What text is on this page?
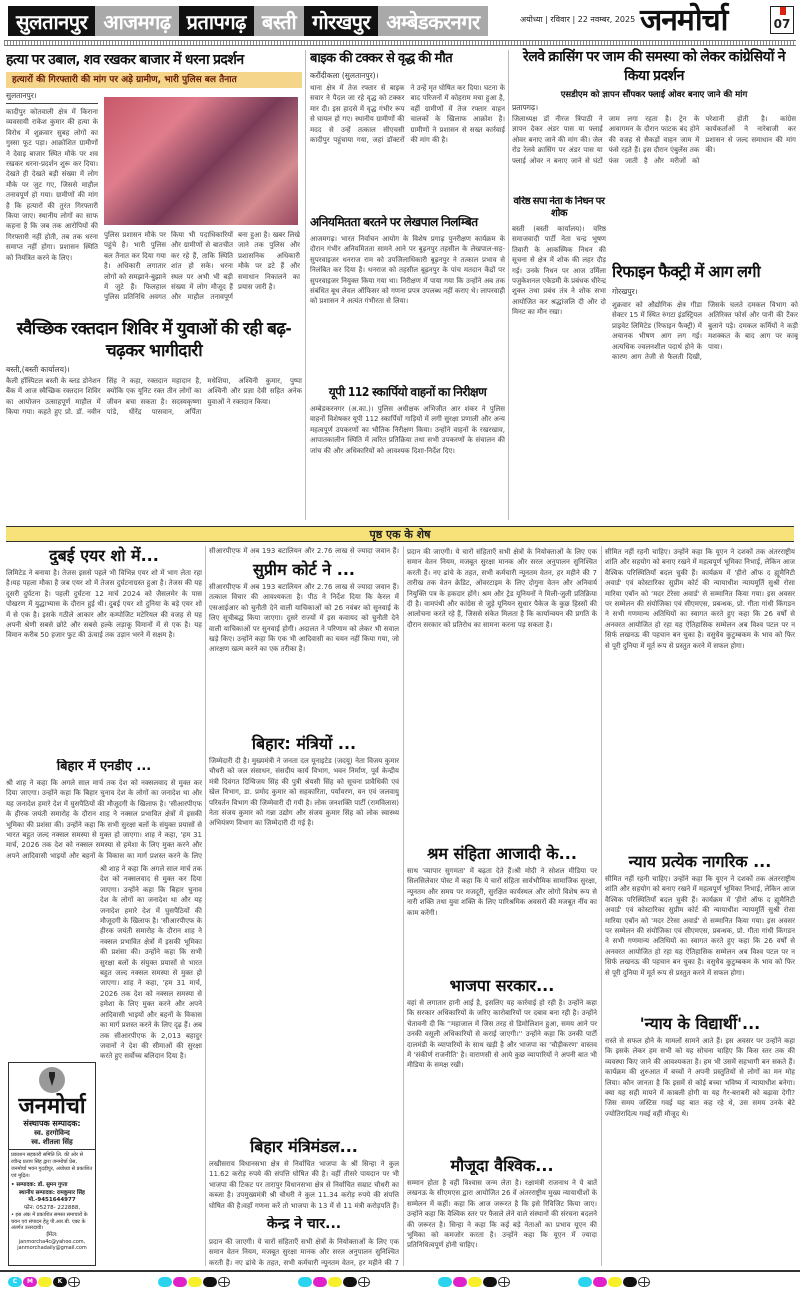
सुलतानपुर आजमगढ़ प्रतापगढ़ बस्ती गोरखपुर अम्बेडकरनगर	अयोध्या | रविवार | 22 नवम्बर, 2025 जनमोर्चा	07
हत्या पर उबाल, शव रखकर बाजार में धरना प्रदर्शन
हत्यारों की गिरफ्तारी की मांग पर अड़े ग्रामीण, भारी पुलिस बल तैनात
सुलतानपुर।
कादीपुर कोतवाली क्षेत्र में किराना व्यवसायी राकेश कुमार की हत्या के विरोध में शुक्रवार सुबह लोगों का गुस्सा फूट पड़ा। आक्रोशित ग्रामीणों ने देवाइ बाजार स्थित मौके पर शव रखकर धरना-प्रदर्शन शुरू कर दिया। देखते ही देखते बड़ी संख्या में लोग मौके पर जुट गए, जिससे माहौल तनावपूर्ण हो गया। ग्रामीणों की मांग है कि हत्यारों की तुरंत गिरफ्तारी किया जाए। स्थानीय लोगों का साफ कहना है कि जब तक आरोपियों की गिरफ्तारी नहीं होती, तब तक धरना समाप्त नहीं होगा। प्रशासन स्थिति को नियंत्रित करने के लिए।
पुलिस प्रशासन मौके पर पहुंचे है। भारी पुलिस बल तैनात कर दिया गया है। अधिकारी लगातार लोगों को समझाने-बुझाने में जुटे हैं। फिलहाल पुलिस प्रतिनिधि अवगत किया भी पदाधिकारियों और ग्रामीणों से बातचीत कर रहे हैं, ताकि स्थिति शांत हो सके। धरना स्थल पर अभी भी बड़ी संख्या में लोग मौजूद हैं और माहौल तनावपूर्ण बना हुआ है। खबर लिखे जाने तक पुलिस और प्रशासनिक अधिकारी मौके पर डटे हैं और समाधान निकालने का प्रयास जारी है।
बाइक की टक्कर से वृद्ध की मौत
करौंदीकला (सुलतानपुर)।
थाना क्षेत्र में तेज रफ्तार से बाइक सवार ने पैदल जा रहे वृद्ध को टक्कर मार दी। इस हादसे में वृद्ध गंभीर रूप से घायल हो गए। स्थानीय ग्रामीणों की मदद से उन्हें तत्काल सीएचसी कादीपुर पहुंचाया गया, जहां डॉक्टरों ने उन्हें मृत घोषित कर दिया। घटना के बाद परिजनों में कोहराम मचा हुआ है, वहीं ग्रामीणों में तेज रफ्तार वाहन चालकों के खिलाफ आक्रोश है। ग्रामीणों ने प्रशासन से सख्त कार्रवाई की मांग की है।
अनियमितता बरतने पर लेखपाल निलम्बित
आजमगढ़। भारत निर्वाचन आयोग के विशेष प्रगाढ़ पुनरीक्षण कार्यक्रम के दौरान गंभीर अनियमितता सामने आने पर बूढ़नपुर तहसील के लेखपाल-सह-सुपरवाइजर धनराज राम को उपजिलाधिकारी बूढ़नपुर ने तत्काल प्रभाव से निलंबित कर दिया है। धनराज को तहसील बूढ़नपुर के पांच मतदान केंद्रों पर सुपरवाइजर नियुक्त किया गया था। निरीक्षण में पाया गया कि उन्होंने अब तक संबंधित बूथ लेवल ऑफिसर को गणना प्रपत्र उपलब्ध नहीं कराए थे। लापरवाही को प्रशासन ने अत्यंत गंभीरता से लिया।
यूपी 112 स्कार्पियो वाहनों का निरीक्षण
अम्बेडकरनगर (अ.का.)। पुलिस अधीक्षक अभिजीत आर शंकर ने पुलिस वाहनों विशेषकर यूपी 112 स्कार्पियों गाड़ियों में लगी सुरक्षा प्रणाली और अन्य महत्वपूर्ण उपकरणों का भौतिक निरीक्षण किया। उन्होंने वाहनों के रखरखाव, आपातकालीन स्थिति में त्वरित प्रतिक्रिया तथा सभी उपकरणों के संचालन की जांच की और अधिकारियों को आवश्यक दिशा-निर्देश दिए।
रेलवे क्रासिंग पर जाम की समस्या को लेकर कांग्रेसियों ने किया प्रदर्शन
एसडीएम को ज्ञापन सौंपकर फ्लाई ओवर बनाए जाने की मांग
प्रतापगढ़।
जिलाध्यक्ष डॉ नीरज त्रिपाठी ने ज्ञापन देकर अंडर पास या फ्लाई ओवर बनाए जाने की मांग की। जेल रोड रेलवे क्रासिंग पर अंडर पास या फ्लाई ओवर न बनाए जाने से घंटों जाम लगा रहता है। ट्रेन के आवागमन के दौरान फाटक बंद होने की वजह से सैकड़ों वाहन जाम में फंसे रहते हैं। इस दौरान एंबुलेंस तक फंस जाती है और मरीजों को परेशानी होती है। कांग्रेस कार्यकर्ताओं ने नारेबाजी कर प्रशासन से जल्द समाधान की मांग की।
वरिष्ठ सपा नेता के निधन पर शोक
बस्ती (बस्ती कार्यालय)। वरिष्ठ समाजवादी पार्टी नेता चन्द्र भूषण तिवारी के आकस्मिक निधन की सूचना से क्षेत्र में शोक की लहर दौड़ गई। उनके निधन पर आज उर्मिला पजुकेशनल एकेडमी के प्रबंधक धीरेन्द्र शुक्ल तथा प्रबंध तंत्र ने शोक सभा आयोजित कर श्रद्धांजलि दी और दो मिनट का मौन रखा।
रिफाइन फैक्ट्री में आग लगी
गोरखपुर।
शुक्रवार को औद्योगिक क्षेत्र गीडा सेक्टर 15 में स्थित रुंगटा इंडस्ट्रियल प्राइवेट लिमिटेड (रिफाइन फैक्ट्री) में अचानक भीषण आग लग गई। अत्यधिक ज्वलनशील पदार्थ होने के कारण आग तेजी से फैलती दिखी, जिसके चलते दमकल विभाग को अतिरिक्त फोर्स और पानी की टैंकर बुलाने पड़े। दमकल कर्मियों ने कड़ी मशक्कत के बाद आग पर काबू पाया।
स्वैच्छिक रक्तदान शिविर में युवाओं की रही बढ़-चढ़कर भागीदारी
बस्ती,(बस्ती कार्यालय)।
कैली हॉस्पिटल बस्ती के ब्लड डोनेशन बैंक में आज स्वैच्छिक रक्तदान शिविर का आयोजन उत्साहपूर्ण माहौल में किया गया। कहते हुए प्रो. डॉ. नवीन सिंह ने कहा, रक्तदान महादान है, क्योंकि एक यूनिट रक्त तीन लोगों का जीवन बचा सकता है। सदस्यकृष्णा पांडे, धीरेंद्र पासवान, अर्पिता मधेशिया, अश्विनी कुमार, पुष्पा अश्विनी और प्रज्ञा देवी सहित अनेक युवाओं ने रक्तदान किया।
पृष्ठ एक के शेष
दुबई एयर शो में...
लिमिटेड ने बनाया है। तेजस इससे पहले भी विभिन्न एयर शो में भाग लेता रहा है।यह पहला मौका है जब एयर शो में तेजस दुर्घटनाग्रस्त हुआ है। तेजस की यह दूसरी दुर्घटना है। पहली दुर्घटना 12 मार्च 2024 को जैसलमेर के पास पोखरण में युद्धाभ्यास के दौरान हुई थी। दुबई एयर शो दुनिया के बड़े एयर शो में से एक है। इसके गठीले आकार और कम्पोजिट मटेरियल की वजह से यह अपनी श्रेणी सबसे छोटे और सबसे हल्के लड़ाकू विमानों में से एक है। यह विमान करीब 50 हजार फुट की ऊंचाई तक उड़ान भरने में सक्षम है।
बिहार में एनडीए ...
श्री शाह ने कहा कि अगले साल मार्च तक देश को नक्सलवाद से मुक्त कर दिया जाएगा। उन्होंने कहा कि बिहार चुनाव देश के लोगों का जनादेश था और यह जनादेश हमारे देश में घुसपैठियों की मौजूदगी के खिलाफ है। 'सीआरपीएफ के हीरक जयंती समारोह के दौरान शाह ने नक्सल प्रभावित क्षेत्रों में इसकी भूमिका की प्रशंसा की। उन्होंने कहा कि सभी सुरक्षा बलों के संयुक्त प्रयासों से भारत बहुत जल्द नक्सल समस्या से मुक्त हो जाएगा। शाह ने कहा, 'हम 31 मार्च, 2026 तक देश को नक्सल समस्या से हमेशा के लिए मुक्त करने और अपने आदिवासी भाइयों और बहनों के विकास का मार्ग प्रशस्त करने के लिए
श्री शाह ने कहा कि अगले साल मार्च तक देश को नक्सलवाद से मुक्त कर दिया जाएगा। उन्होंने कहा कि बिहार चुनाव देश के लोगों का जनादेश था और यह जनादेश हमारे देश में घुसपैठियों की मौजूदगी के खिलाफ है। 'सीआरपीएफ के हीरक जयंती समारोह के दौरान शाह ने नक्सल प्रभावित क्षेत्रों में इसकी भूमिका की प्रशंसा की। उन्होंने कहा कि सभी सुरक्षा बलों के संयुक्त प्रयासों से भारत बहुत जल्द नक्सल समस्या से मुक्त हो जाएगा। शाह ने कहा, 'हम 31 मार्च, 2026 तक देश को नक्सल समस्या से हमेशा के लिए मुक्त करने और अपने आदिवासी भाइयों और बहनों के विकास का मार्ग प्रशस्त करने के लिए दृढ़ हैं। अब तक सीआरपीएफ के 2,013 बहादुर जवानों ने देश की सीमाओं की सुरक्षा करते हुए सर्वोच्च बलिदान दिया है।
जनमोर्चा
संस्थापक सम्पादक:
स्व. हरगोविन्द
स्व. शीतला सिंह
प्रकाशन सहकारी समिति लि. की ओर से रवीन्द्र प्रताप सिंह द्वारा जनमोर्चा प्रेस, जनमोर्चा भवन गुदड़ीपुर, अयोध्या से प्रकाशित एवं मुद्रित।
• सम्पादक: डॉ. सुमन गुप्ता
स्थानीय सम्पादक: रामकुमार सिंह
मो.-9451644977
फोन: 05278- 222888,
• इस अंक में प्रकाशित समस्त समाचारों के चयन एवं संपादन हेतु पी.आर.बी. एक्ट के अंतर्गत उत्तरदायी।
ईमेल:
janmorcha4c@yahoo.com,
janmorchadaily@gmail.com
सीआरपीएफ में अब 193 बटालियन और 2.76 लाख से ज्यादा जवान हैं।
सुप्रीम कोर्ट ने ...
सीआरपीएफ में अब 193 बटालियन और 2.76 लाख से ज्यादा जवान हैं। तत्काल विचार की आवश्यकता है। पीठ ने निर्देश दिया कि केरल में एसआईआर को चुनौती देने वाली याचिकाओं को 26 नवंबर को सुनवाई के लिए सूचीबद्ध किया जाएगा। दूसरे राज्यों में इस कवायद को चुनौती देने वाली याचिकाओं पर सुनवाई होगी। अदालत ने परिणाम को लेकर भी सवाल खड़े किए। उन्होंने कहा कि एक भी आदिवासी का चयन नहीं किया गया, जो आरक्षण खत्म करने का एक तरीका है।
बिहार: मंत्रियों ...
जिम्मेदारी दी है। मुख्यमंत्री ने जनता दल यूनाइटेड (जदयू) नेता विजय कुमार चौधरी को जल संसाधन, संसदीय कार्य विभाग, भवन निर्माण, पूर्व केन्द्रीय मंत्री दिवंगत दिग्विजय सिंह की पुत्री श्रेयसी सिंह को सूचना प्रावैधिकी एवं खेल विभाग, डा. प्रमोद कुमार को सहकारिता, पर्यावरण, वन एवं जलवायु परिवर्तन विभाग की जिम्मेवारी दी गयी है। लोक जनशक्ति पार्टी (रामविलास) नेता संजय कुमार को गन्ना उद्योग और संजय कुमार सिंह को लोक स्वास्थ्य अभियंत्रण विभाग का जिम्मेदारी दी गई है।
बिहार मंत्रिमंडल...
लखीसराय विधानसभा क्षेत्र से निर्वाचित भाजपा के श्री सिन्हा ने कुल 11.62 करोड़ रुपये की संपत्ति घोषित की है। वहीं तीसरे पायदान पर भी भाजपा की टिकट पर तारापुर विधानसभा क्षेत्र से निर्वाचित सम्राट चौधरी का कब्जा है। उपमुख्यमंत्री श्री चौधरी ने कुल 11.34 करोड़ रुपये की संपत्ति घोषित की है।वहाँ गणना करें तो भाजपा के 13 में से 11 मंत्री करोड़पति हैं।
केन्द्र ने चार...
प्रदान की जाएगी। ये चारों संहिताएँ सभी क्षेत्रों के नियोक्ताओं के लिए एक समान वेतन नियम, मजबूत सुरक्षा मानक और सरल अनुपालन सुनिश्चित करती हैं। नए ढांचे के तहत, सभी कर्मचारी न्यूनतम वेतन, हर महीने की 7
प्रदान की जाएगी। ये चारों संहिताएँ सभी क्षेत्रों के नियोक्ताओं के लिए एक समान वेतन नियम, मजबूत सुरक्षा मानक और सरल अनुपालन सुनिश्चित करती हैं। नए ढांचे के तहत, सभी कर्मचारी न्यूनतम वेतन, हर महीने की 7 तारीख तक वेतन क्रेडिट, ओवरटाइम के लिए दोगुना वेतन और अनिवार्य नियुक्ति पत्र के हकदार होंगे। श्रम और ट्रेड यूनियनों ने मिली-जुली प्रतिक्रिया दी है। वामपंथी और कांग्रेस से जुड़े यूनियन सुधार पैकेज के कुछ हिस्सों की आलोचना करते रहे हैं, जिससे संकेत मिलता है कि कार्यान्वयन की प्रगति के दौरान सरकार को प्रतिरोध का सामना करना पड़ सकता है।
श्रम संहिता आजादी के...
साथ 'व्यापार सुगमता' में बढ़ता देते हैं।श्री मोदी ने सोशल मीडिया पर सिलसिलेवार पोस्ट में कहा कि ये चारों संहिता सार्वभौमिक सामाजिक सुरक्षा, न्यूनतम और समय पर मजदूरी, सुरक्षित कार्यस्थल और लोगों विशेष रूप से नारी शक्ति तथा युवा शक्ति के लिए पारिश्रमिक अवसरों की मजबूत नींव का काम करेंगी।
भाजपा सरकार...
वहां से लगातार हानी आई है, इसलिए यह कार्रवाई हो रही है। उन्होंने कहा कि सरकार अधिकारियों के जरिए कारोबारियों पर दबाव बना रही है। उन्होंने चेतावनी दी कि ''महाजाल में जिस तरह से डिमोलिशन हुआ, समय आने पर उनकी वसूली अधिकारियों से कराई जाएगी।'' उन्होंने कहा कि उनकी पार्टी दालमंडी के व्यापारियों के साथ खड़ी है और भाजपा का 'चौड़ीकरण' वास्तव में 'संकीर्ण राजनीति' है। वाराणसी से आये कुछ व्यापारियों ने अपनी बात भी मीडिया के समक्ष रखी।
मौजूदा वैश्विक...
सम्मान होता है वहीं विश्वास जन्म लेता है। रक्षामंत्री राजनाथ ने ये बातें लखनऊ के सीएमएस द्वारा आयोजित 26 वें अंतरराष्ट्रीय मुख्य न्यायाधीशों के सम्मेलन में कहीं। कहा कि आज जरूरत है कि इसे रिविजिट किया जाए। उन्होंने कहा कि वैश्विक स्तर पर फैसले लेने वाले संस्थानों की संरचना बदलने की जरूरत है। सिन्हा ने कहा कि कई बड़े नेताओं का प्रभाव यूएन की भूमिका को कमजोर करता है। उन्होंने कहा कि यूएन में ज्यादा प्रतिनिधित्वपूर्ण होनी चाहिए।
सीमित नहीं रहनी चाहिए। उन्होंने कहा कि यूएन ने दशकों तक अंतरराष्ट्रीय शांति और सहयोग को बनाए रखने में महत्वपूर्ण भूमिका निभाई, लेकिन आज वैश्विक परिस्थितियाँ बदल चुकी हैं। कार्यक्रम में 'हीरो ऑफ द ह्यूमैनिटी अवार्ड' एवं कोस्टारिका सुप्रीम कोर्ट की न्यायाधीश न्यायमूर्ति सुश्री रोसा मारिया एबॉन को 'मदर टेरेसा अवार्ड' से सम्मानित किया गया। इस अवसर पर सम्मेलन की संयोजिका एवं सीएमएस, प्रबन्धक, प्रो. गीता गांधी किंगडन ने सभी गणमान्य अतिथियों का स्वागत करते हुए कहा कि 26 वर्षों से अनवरत आयोजित हो रहा यह ऐतिहासिक सम्मेलन अब विश्व पटल पर न सिर्फ लखनऊ की पहचान बन चुका है। वसुधैव कुटुम्बकम के भाव को फिर से पूरी दुनिया में मूर्त रूप से प्रस्तुत करने में सफल होगा।
न्याय प्रत्येक नागरिक ...
सीमित नहीं रहनी चाहिए। उन्होंने कहा कि यूएन ने दशकों तक अंतरराष्ट्रीय शांति और सहयोग को बनाए रखने में महत्वपूर्ण भूमिका निभाई, लेकिन आज वैश्विक परिस्थितियाँ बदल चुकी हैं। कार्यक्रम में 'हीरो ऑफ द ह्यूमैनिटी अवार्ड' एवं कोस्टारिका सुप्रीम कोर्ट की न्यायाधीश न्यायमूर्ति सुश्री रोसा मारिया एबॉन को 'मदर टेरेसा अवार्ड' से सम्मानित किया गया। इस अवसर पर सम्मेलन की संयोजिका एवं सीएमएस, प्रबन्धक, प्रो. गीता गांधी किंगडन ने सभी गणमान्य अतिथियों का स्वागत करते हुए कहा कि 26 वर्षों से अनवरत आयोजित हो रहा यह ऐतिहासिक सम्मेलन अब विश्व पटल पर न सिर्फ लखनऊ की पहचान बन चुका है। वसुधैव कुटुम्बकम के भाव को फिर से पूरी दुनिया में मूर्त रूप से प्रस्तुत करने में सफल होगा।
'न्याय के विद्यार्थी'...
रास्ते से सफल होने के मामलों सामने आते हैं। इस अवसर पर उन्होंने कहा कि इसके लेकर हम सभी को यह सोचना चाहिए कि किस स्तर तक की व्यवस्था किए जाने की आवश्यकता है। हम भी उसमें सहभागी बन सकते हैं। कार्यक्रम की शुरुआत में बच्चों ने अपनी प्रस्तुतियों से लोगों का मन मोह लिया। कौन जानता है कि इसमें से कोई बच्चा भविष्य में न्यायाधीश बनेगा। क्या यह सही मायने में काबली होगी या यह गैर-बराबरी को बढ़ावा देगी? जिस समय जस्टिस गवई यह बात कह रहे थे, उस समय उनके बेटे ज्योतिरादित्य गवई वहीं मौजूद थे।
C	M	Y	K
